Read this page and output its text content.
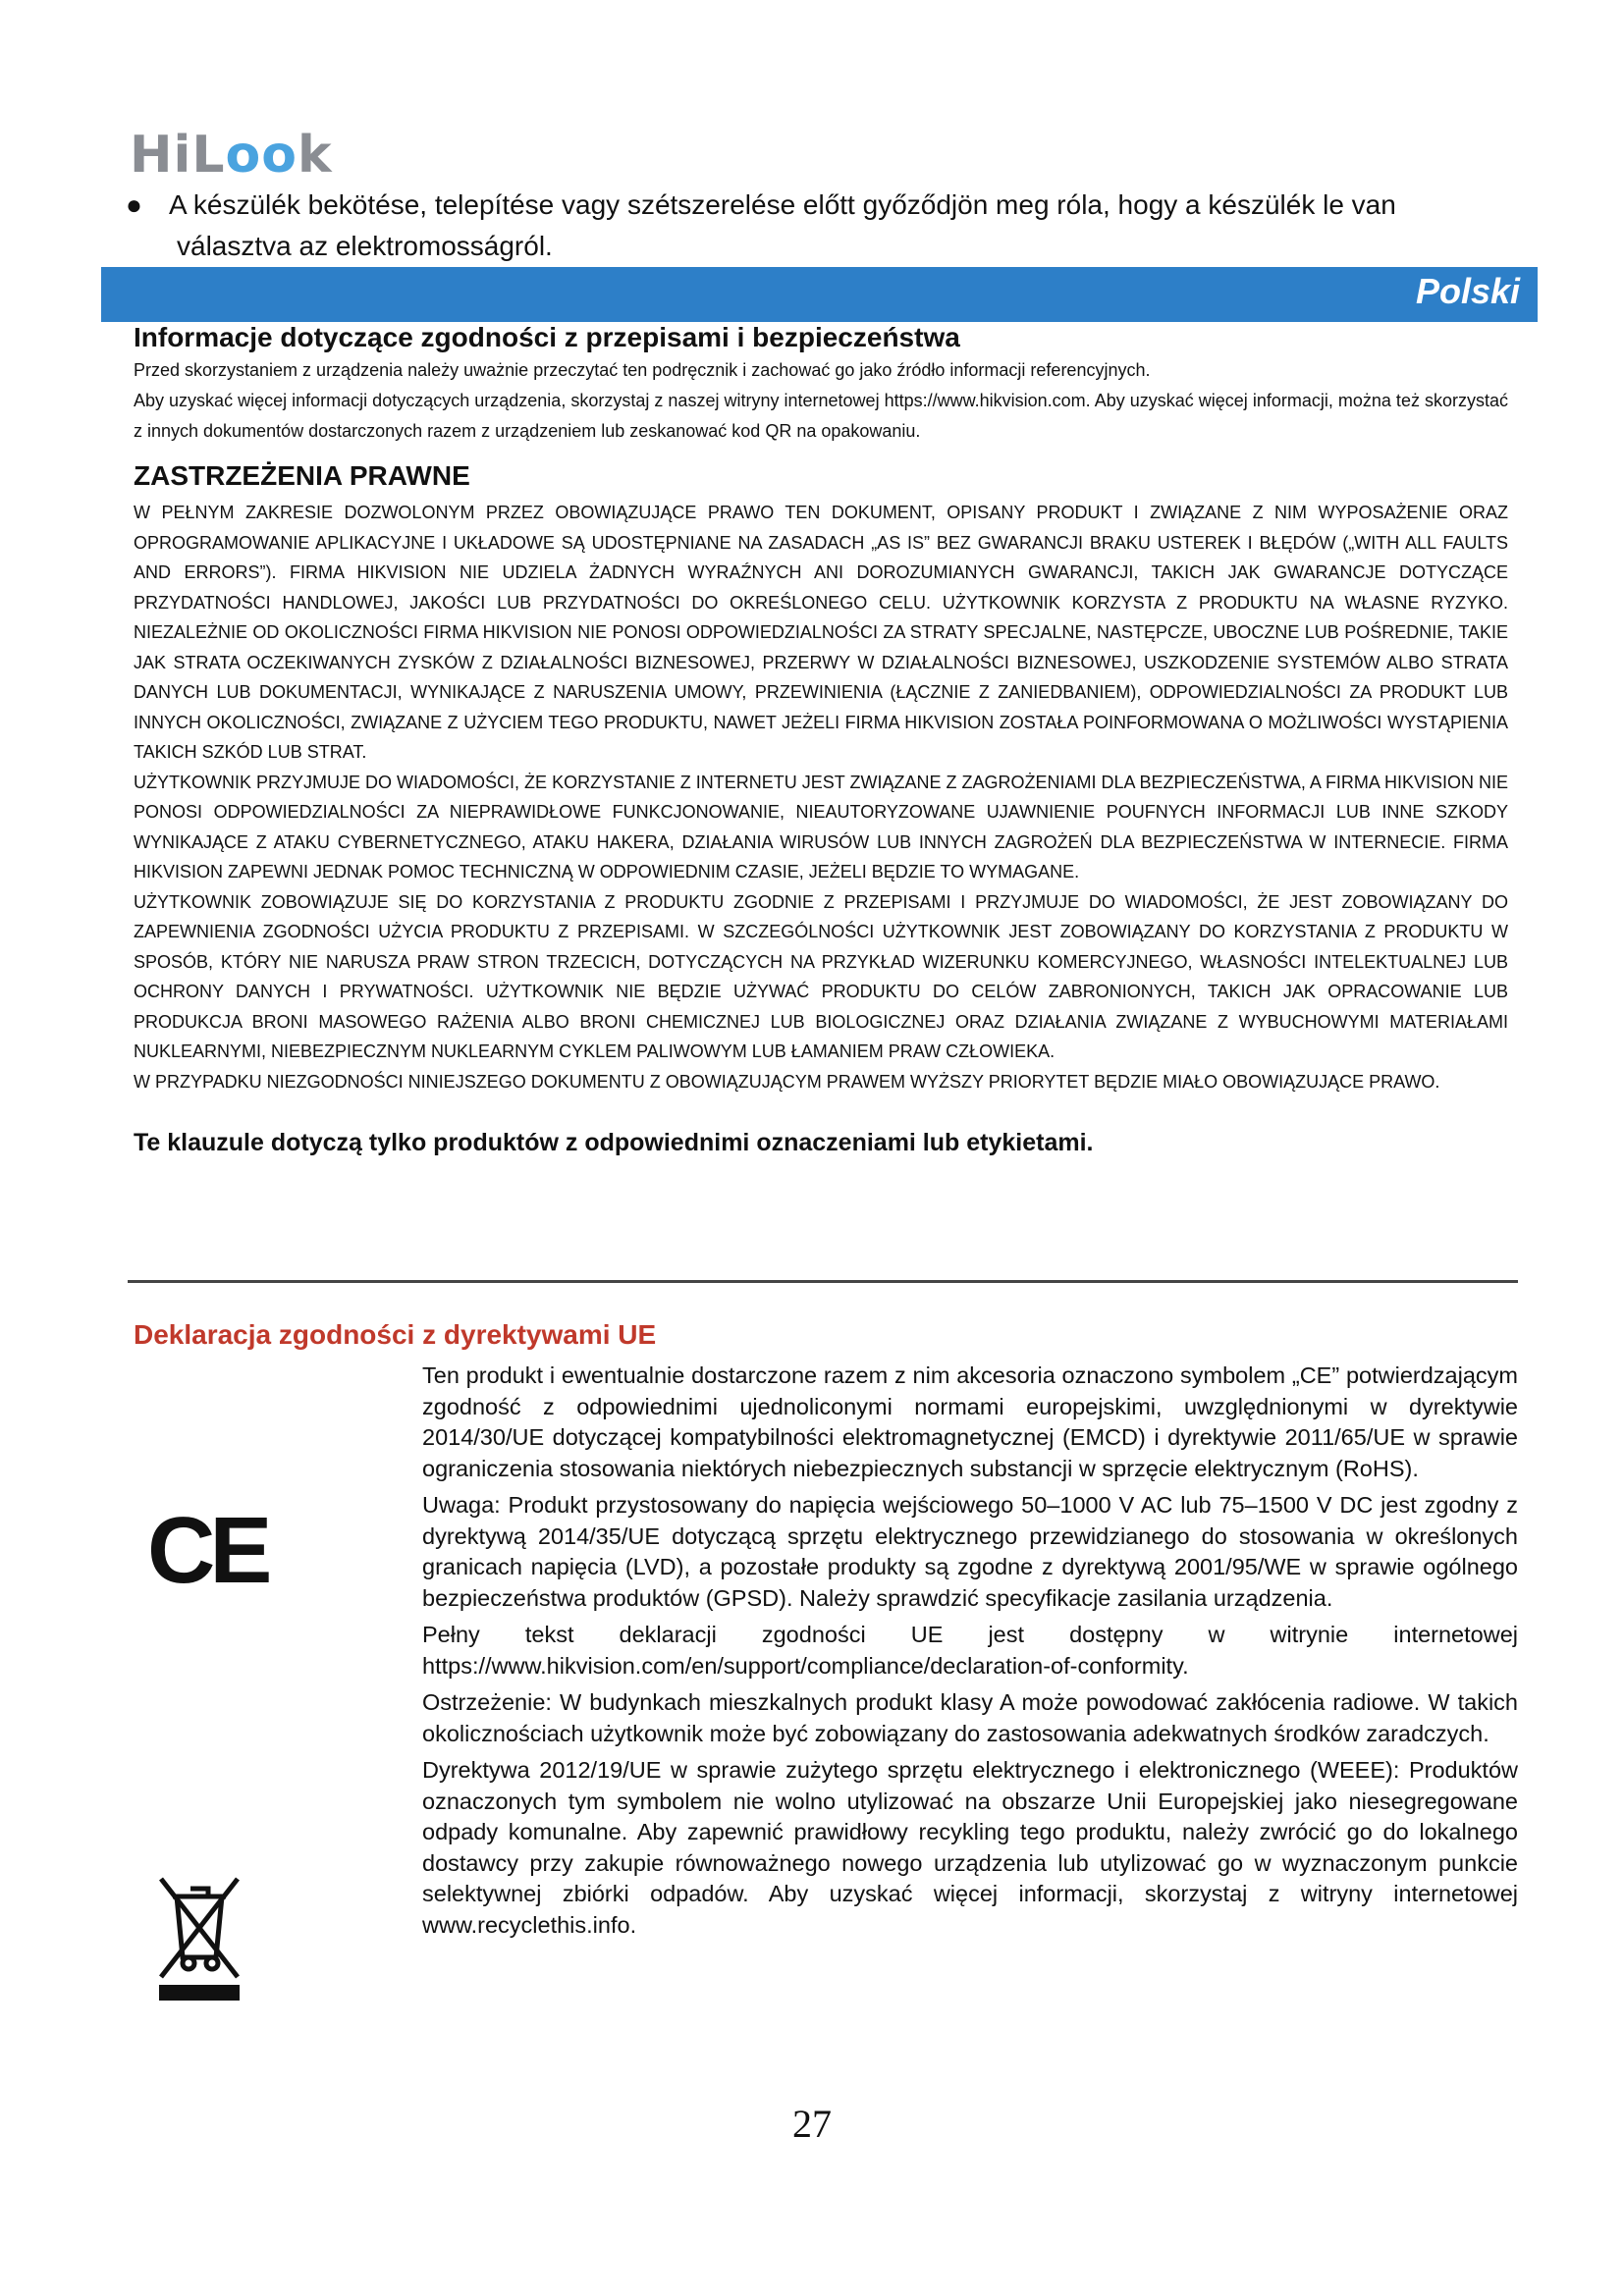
HiLook
● A készülék bekötése, telepítése vagy szétszerelése előtt győződjön meg róla, hogy a készülék le van
választva az elektromosságról.
Polski
Informacje dotyczące zgodności z przepisami i bezpieczeństwa

Przed skorzystaniem z urządzenia należy uważnie przeczytać ten podręcznik i zachować go jako źródło informacji referencyjnych.

Aby uzyskać więcej informacji dotyczących urządzenia, skorzystaj z naszej witryny internetowej https://www.hikvision.com. Aby uzyskać więcej informacji, można też skorzystać z innych dokumentów dostarczonych razem z urządzeniem lub zeskanować kod QR na opakowaniu.

ZASTRZEŻENIA PRAWNE

W PEŁNYM ZAKRESIE DOZWOLONYM PRZEZ OBOWIĄZUJĄCE PRAWO TEN DOKUMENT, OPISANY PRODUKT I ZWIĄZANE Z NIM WYPOSAŻENIE ORAZ OPROGRAMOWANIE APLIKACYJNE I UKŁADOWE SĄ UDOSTĘPNIANE NA ZASADACH „AS IS” BEZ GWARANCJI BRAKU USTEREK I BŁĘDÓW („WITH ALL FAULTS AND ERRORS”). FIRMA HIKVISION NIE UDZIELA ŻADNYCH WYRAŹNYCH ANI DOROZUMIANYCH GWARANCJI, TAKICH JAK GWARANCJE DOTYCZĄCE PRZYDATNOŚCI HANDLOWEJ, JAKOŚCI LUB PRZYDATNOŚCI DO OKREŚLONEGO CELU. UŻYTKOWNIK KORZYSTA Z PRODUKTU NA WŁASNE RYZYKO. NIEZALEŻNIE OD OKOLICZNOŚCI FIRMA HIKVISION NIE PONOSI ODPOWIEDZIALNOŚCI ZA STRATY SPECJALNE, NASTĘPCZE, UBOCZNE LUB POŚREDNIE, TAKIE JAK STRATA OCZEKIWANYCH ZYSKÓW Z DZIAŁALNOŚCI BIZNESOWEJ, PRZERWY W DZIAŁALNOŚCI BIZNESOWEJ, USZKODZENIE SYSTEMÓW ALBO STRATA DANYCH LUB DOKUMENTACJI, WYNIKAJĄCE Z NARUSZENIA UMOWY, PRZEWINIENIA (ŁĄCZNIE Z ZANIEDBANIEM), ODPOWIEDZIALNOŚCI ZA PRODUKT LUB INNYCH OKOLICZNOŚCI, ZWIĄZANE Z UŻYCIEM TEGO PRODUKTU, NAWET JEŻELI FIRMA HIKVISION ZOSTAŁA POINFORMOWANA O MOŻLIWOŚCI WYSTĄPIENIA TAKICH SZKÓD LUB STRAT.

UŻYTKOWNIK PRZYJMUJE DO WIADOMOŚCI, ŻE KORZYSTANIE Z INTERNETU JEST ZWIĄZANE Z ZAGROŻENIAMI DLA BEZPIECZEŃSTWA, A FIRMA HIKVISION NIE PONOSI ODPOWIEDZIALNOŚCI ZA NIEPRAWIDŁOWE FUNKCJONOWANIE, NIEAUTORYZOWANE UJAWNIENIE POUFNYCH INFORMACJI LUB INNE SZKODY WYNIKAJĄCE Z ATAKU CYBERNETYCZNEGO, ATAKU HAKERA, DZIAŁANIA WIRUSÓW LUB INNYCH ZAGROŻEŃ DLA BEZPIECZEŃSTWA W INTERNECIE. FIRMA HIKVISION ZAPEWNI JEDNAK POMOC TECHNICZNĄ W ODPOWIEDNIM CZASIE, JEŻELI BĘDZIE TO WYMAGANE.

UŻYTKOWNIK ZOBOWIĄZUJE SIĘ DO KORZYSTANIA Z PRODUKTU ZGODNIE Z PRZEPISAMI I PRZYJMUJE DO WIADOMOŚCI, ŻE JEST ZOBOWIĄZANY DO ZAPEWNIENIA ZGODNOŚCI UŻYCIA PRODUKTU Z PRZEPISAMI. W SZCZEGÓLNOŚCI UŻYTKOWNIK JEST ZOBOWIĄZANY DO KORZYSTANIA Z PRODUKTU W SPOSÓB, KTÓRY NIE NARUSZA PRAW STRON TRZECICH, DOTYCZĄCYCH NA PRZYKŁAD WIZERUNKU KOMERCYJNEGO, WŁASNOŚCI INTELEKTUALNEJ LUB OCHRONY DANYCH I PRYWATNOŚCI. UŻYTKOWNIK NIE BĘDZIE UŻYWAĆ PRODUKTU DO CELÓW ZABRONIONYCH, TAKICH JAK OPRACOWANIE LUB PRODUKCJA BRONI MASOWEGO RAŻENIA ALBO BRONI CHEMICZNEJ LUB BIOLOGICZNEJ ORAZ DZIAŁANIA ZWIĄZANE Z WYBUCHOWYMI MATERIAŁAMI NUKLEARNYMI, NIEBEZPIECZNYM NUKLEARNYM CYKLEM PALIWOWYM LUB ŁAMANIEM PRAW CZŁOWIEKA.

W PRZYPADKU NIEZGODNOŚCI NINIEJSZEGO DOKUMENTU Z OBOWIĄZUJĄCYM PRAWEM WYŻSZY PRIORYTET BĘDZIE MIAŁO OBOWIĄZUJĄCE PRAWO.

Te klauzule dotyczą tylko produktów z odpowiednimi oznaczeniami lub etykietami.

Deklaracja zgodności z dyrektywami UE
CE

Ten produkt i ewentualnie dostarczone razem z nim akcesoria oznaczono symbolem „CE” potwierdzającym zgodność z odpowiednimi ujednoliconymi normami europejskimi, uwzględnionymi w dyrektywie 2014/30/UE dotyczącej kompatybilności elektromagnetycznej (EMCD) i dyrektywie 2011/65/UE w sprawie ograniczenia stosowania niektórych niebezpiecznych substancji w sprzęcie elektrycznym (RoHS).

Uwaga: Produkt przystosowany do napięcia wejściowego 50–1000 V AC lub 75–1500 V DC jest zgodny z dyrektywą 2014/35/UE dotyczącą sprzętu elektrycznego przewidzianego do stosowania w określonych granicach napięcia (LVD), a pozostałe produkty są zgodne z dyrektywą 2001/95/WE w sprawie ogólnego bezpieczeństwa produktów (GPSD). Należy sprawdzić specyfikacje zasilania urządzenia.

Pełny tekst deklaracji zgodności UE jest dostępny w witrynie internetowej https://www.hikvision.com/en/support/compliance/declaration-of-conformity.

Ostrzeżenie: W budynkach mieszkalnych produkt klasy A może powodować zakłócenia radiowe. W takich okolicznościach użytkownik może być zobowiązany do zastosowania adekwatnych środków zaradczych.

Dyrektywa 2012/19/UE w sprawie zużytego sprzętu elektrycznego i elektronicznego (WEEE): Produktów oznaczonych tym symbolem nie wolno utylizować na obszarze Unii Europejskiej jako niesegregowane odpady komunalne. Aby zapewnić prawidłowy recykling tego produktu, należy zwrócić go do lokalnego dostawcy przy zakupie równoważnego nowego urządzenia lub utylizować go w wyznaczonym punkcie selektywnej zbiórki odpadów. Aby uzyskać więcej informacji, skorzystaj z witryny internetowej www.recyclethis.info.

27
